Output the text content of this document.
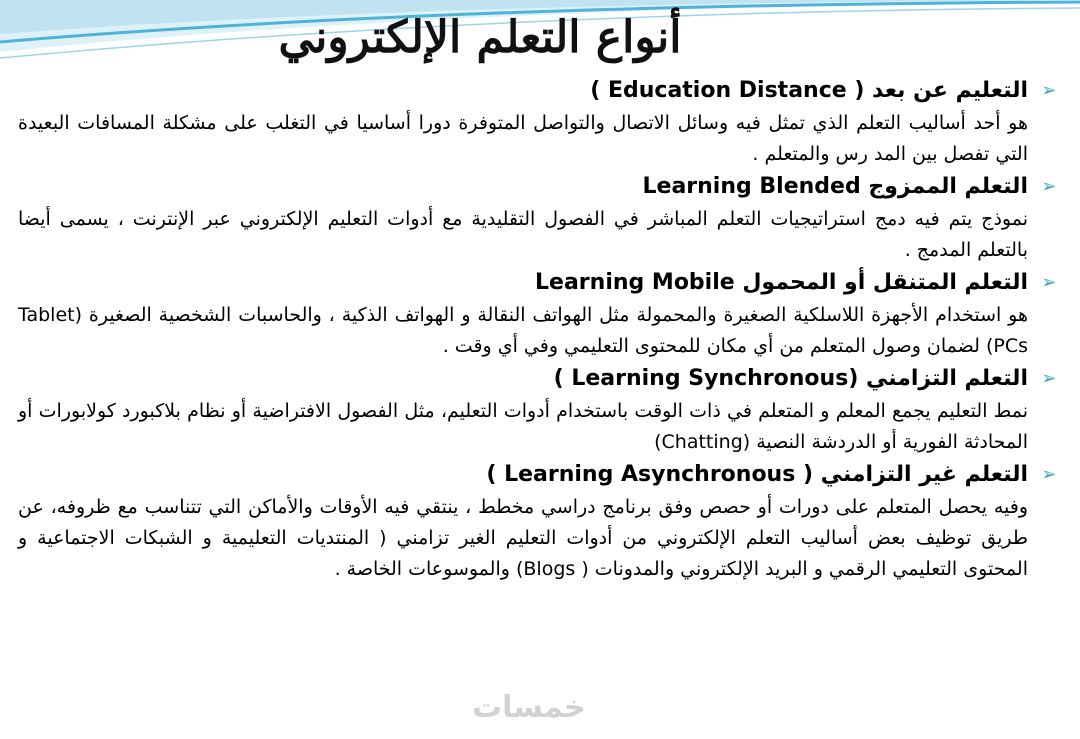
أنواع التعلم الإلكتروني
➢
التعليم عن بعد ( Education Distance )
هو أحد أساليب التعلم الذي تمثل فيه وسائل الاتصال والتواصل المتوفرة دورا أساسيا في التغلب على مشكلة المسافات البعيدة التي تفصل بين المد رس والمتعلم .
➢
التعلم الممزوج Learning Blended
نموذج يتم فيه دمج استراتيجيات التعلم المباشر في الفصول التقليدية مع أدوات التعليم الإلكتروني عبر الإنترنت ، يسمى أيضا بالتعلم المدمج .
➢
التعلم المتنقل أو المحمول Learning Mobile
هو استخدام الأجهزة اللاسلكية الصغيرة والمحمولة مثل الهواتف النقالة و الهواتف الذكية ، والحاسبات الشخصية الصغيرة (Tablet PCs) لضمان وصول المتعلم من أي مكان للمحتوى التعليمي وفي أي وقت .
➢
التعلم التزامني (Learning Synchronous )
نمط التعليم يجمع المعلم و المتعلم في ذات الوقت باستخدام أدوات التعليم، مثل الفصول الافتراضية أو نظام بلاكبورد كولابورات أو المحادثة الفورية أو الدردشة النصية (Chatting)
➢
التعلم غير التزامني ( Learning Asynchronous )
وفيه يحصل المتعلم على دورات أو حصص وفق برنامج دراسي مخطط ، ينتقي فيه الأوقات والأماكن التي تتناسب مع ظروفه، عن طريق توظيف بعض أساليب التعلم الإلكتروني من أدوات التعليم الغير تزامني ( المنتديات التعليمية و الشبكات الاجتماعية و المحتوى التعليمي الرقمي و البريد الإلكتروني والمدونات ( Blogs) والموسوعات الخاصة .
خمسات
